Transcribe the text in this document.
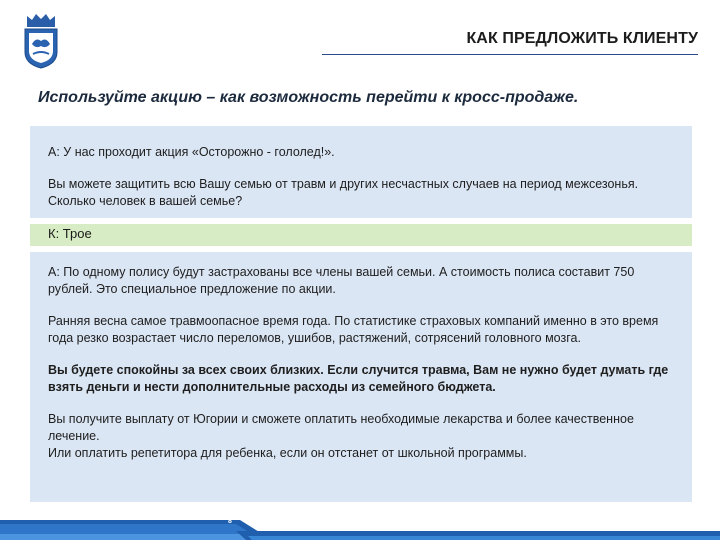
КАК ПРЕДЛОЖИТЬ КЛИЕНТУ
Используйте акцию – как возможность перейти к кросс-продаже.

А: У нас проходит акция «Осторожно - гололед!».

Вы можете защитить всю Вашу семью от травм и других несчастных случаев на период межсезонья. Сколько человек в вашей семье?

К: Трое

А: По одному полису будут застрахованы все члены вашей семьи. А стоимость полиса составит 750 рублей. Это специальное предложение по акции.

Ранняя весна самое травмоопасное время года. По статистике страховых компаний именно в это время года резко возрастает число переломов, ушибов, растяжений, сотрясений головного мозга.

Вы будете спокойны за всех своих близких. Если случится травма, Вам не нужно будет думать где взять деньги и нести дополнительные расходы из семейного бюджета.

Вы получите выплату от Югории и сможете оплатить необходимые лекарства и более качественное лечение.

Или оплатить репетитора для ребенка, если он отстанет от школьной программы.

8
